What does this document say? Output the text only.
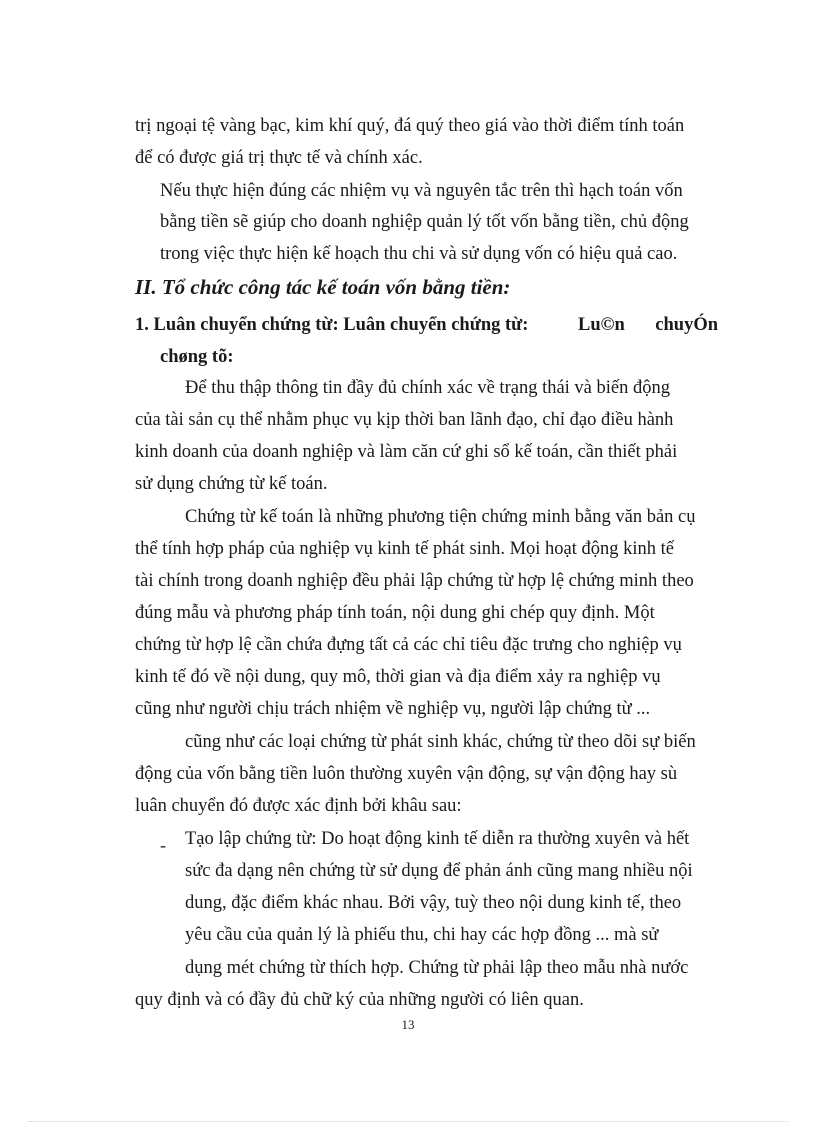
trị ngoại tệ vàng bạc, kim khí quý, đá quý theo giá vào thời điểm tính toán
để có được giá trị thực tế và chính xác.
Nếu thực hiện đúng các nhiệm vụ và nguyên tắc trên thì hạch toán vốn
bằng tiền sẽ giúp cho doanh nghiệp quản lý tốt vốn bằng tiền, chủ động
trong việc thực hiện kế hoạch thu chi và sử dụng vốn có hiệu quả cao.
II. Tổ chức công tác kế toán vốn bằng tiền:
1. Luân chuyển chứng từ: Luân chuyển chứng từ:	Lu©n chuyÓn
chøng tõ:
Để thu thập thông tin đầy đủ chính xác về trạng thái và biến động
của tài sản cụ thể nhằm phục vụ kịp thời ban lãnh đạo, chỉ đạo điều hành
kinh doanh của doanh nghiệp và làm căn cứ ghi sổ kế toán, cần thiết phải
sử dụng chứng từ kế toán.
Chứng từ kế toán là những phương tiện chứng minh bằng văn bản cụ
thể tính hợp pháp của nghiệp vụ kinh tế phát sinh. Mọi hoạt động kinh tế
tài chính trong doanh nghiệp đều phải lập chứng từ hợp lệ chứng minh theo
đúng mẫu và phương pháp tính toán, nội dung ghi chép quy định. Một
chứng từ hợp lệ cần chứa đựng tất cả các chỉ tiêu đặc trưng cho nghiệp vụ
kinh tế đó về nội dung, quy mô, thời gian và địa điểm xảy ra nghiệp vụ
cũng như người chịu trách nhiệm về nghiệp vụ, người lập chứng từ ...
cũng như các loại chứng từ phát sinh khác, chứng từ theo dõi sự biến
động của vốn bằng tiền luôn thường xuyên vận động, sự vận động hay sù
luân chuyển đó được xác định bởi khâu sau:
- Tạo lập chứng từ: Do hoạt động kinh tế diễn ra thường xuyên và hết
sức đa dạng nên chứng từ sử dụng để phản ánh cũng mang nhiều nội
dung, đặc điểm khác nhau. Bởi vậy, tuỳ theo nội dung kinh tế, theo
yêu cầu của quản lý là phiếu thu, chi hay các hợp đồng ... mà sử
dụng mét chứng từ thích hợp. Chứng từ phải lập theo mẫu nhà nước
quy định và có đầy đủ chữ ký của những người có liên quan.
13
